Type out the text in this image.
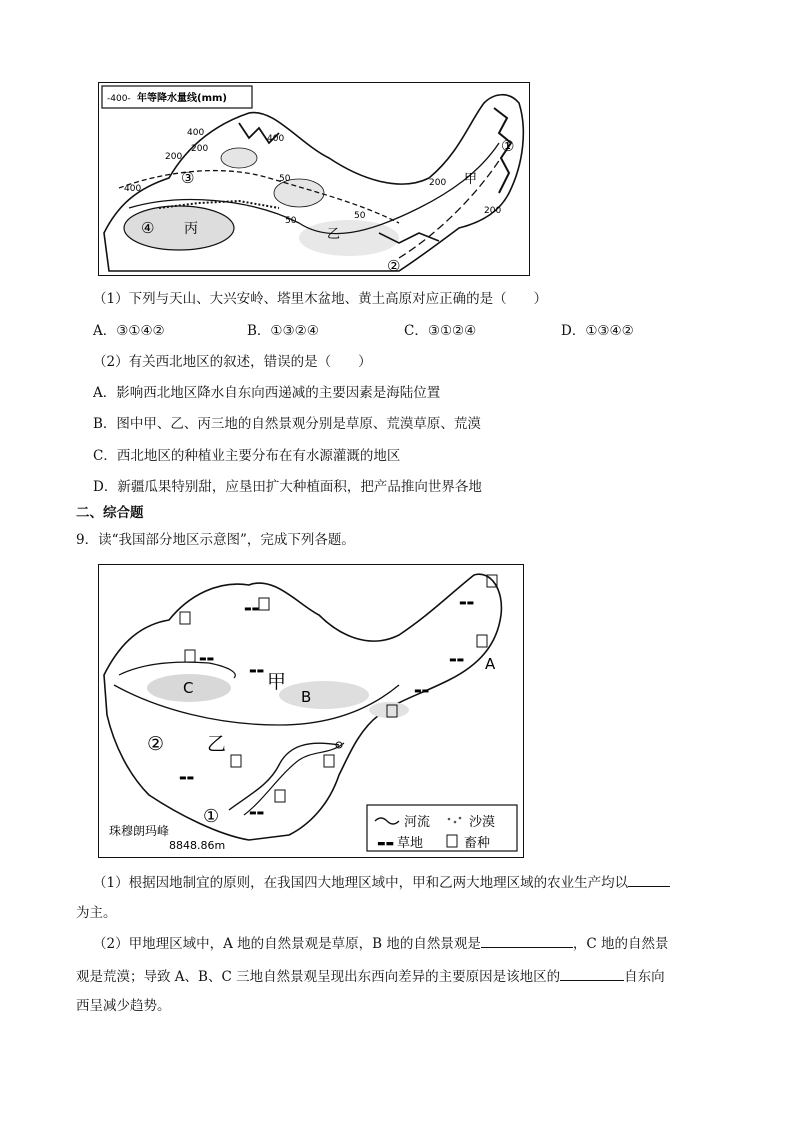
-400- 年等降水量线(mm)
400
200
200
400
50	200
50
200
50
400
甲
乙
丙
①
②
③
④
（1）下列与天山、大兴安岭、塔里木盆地、黄土高原对应正确的是（　　）
A．③①④②	B．①③②④	C．③①②④	D．①③④②
（2）有关西北地区的叙述，错误的是（　　）
A．影响西北地区降水自东向西递减的主要因素是海陆位置
B．图中甲、乙、丙三地的自然景观分别是草原、荒漠草原、荒漠
C．西北地区的种植业主要分布在有水源灌溉的地区
D．新疆瓜果特别甜，应垦田扩大种植面积，把产品推向世界各地
二、综合题
9．读“我国部分地区示意图”，完成下列各题。
河流	沙漠
▬▬ 草地	畜种
▬▬
▬▬
▬▬
▬▬
▬▬
▬▬
▬▬
▬▬
A
B
C	甲
乙
②
①
珠穆朗玛峰
8848.86m
（1）根据因地制宜的原则，在我国四大地理区域中，甲和乙两大地理区域的农业生产均以
为主。
（2）甲地理区域中，A 地的自然景观是草原，B 地的自然景观是	，C 地的自然景
观是荒漠；导致 A、B、C 三地自然景观呈现出东西向差异的主要原因是该地区的	自东向
西呈减少趋势。
